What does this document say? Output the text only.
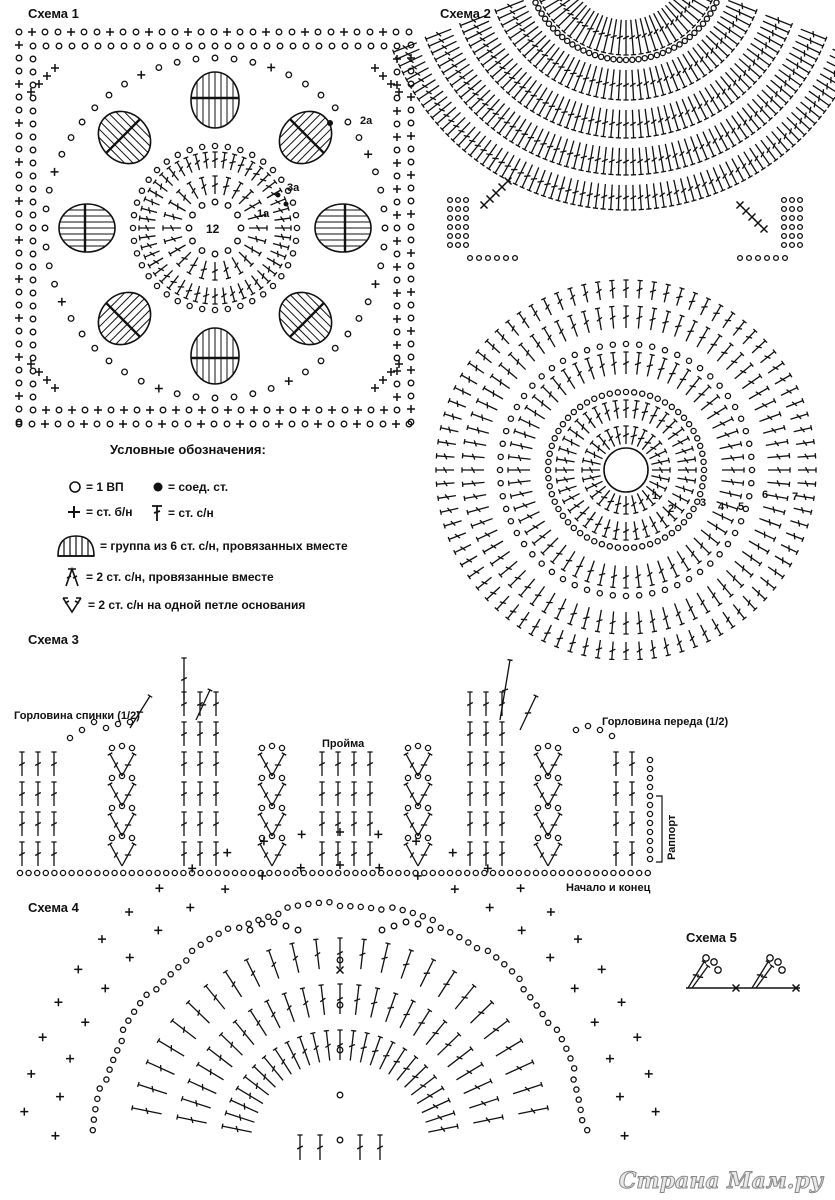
Схема 1	Схема 2
Схема 3
Схема 4
Схема 5
12
1а
3а
2а
1
2 3 4 5
6 7
Условные обозначения:
= 1 ВП	= соед. ст.
= ст. б/н	= ст. с/н
= группа из 6 ст. с/н, провязанных вместе
= 2 ст. с/н, провязанные вместе
= 2 ст. с/н на одной петле основания
Горловина спинки (1/2)
Пройма
Горловина переда (1/2)
Раппорт
Начало и конец
Страна Мам.ру
